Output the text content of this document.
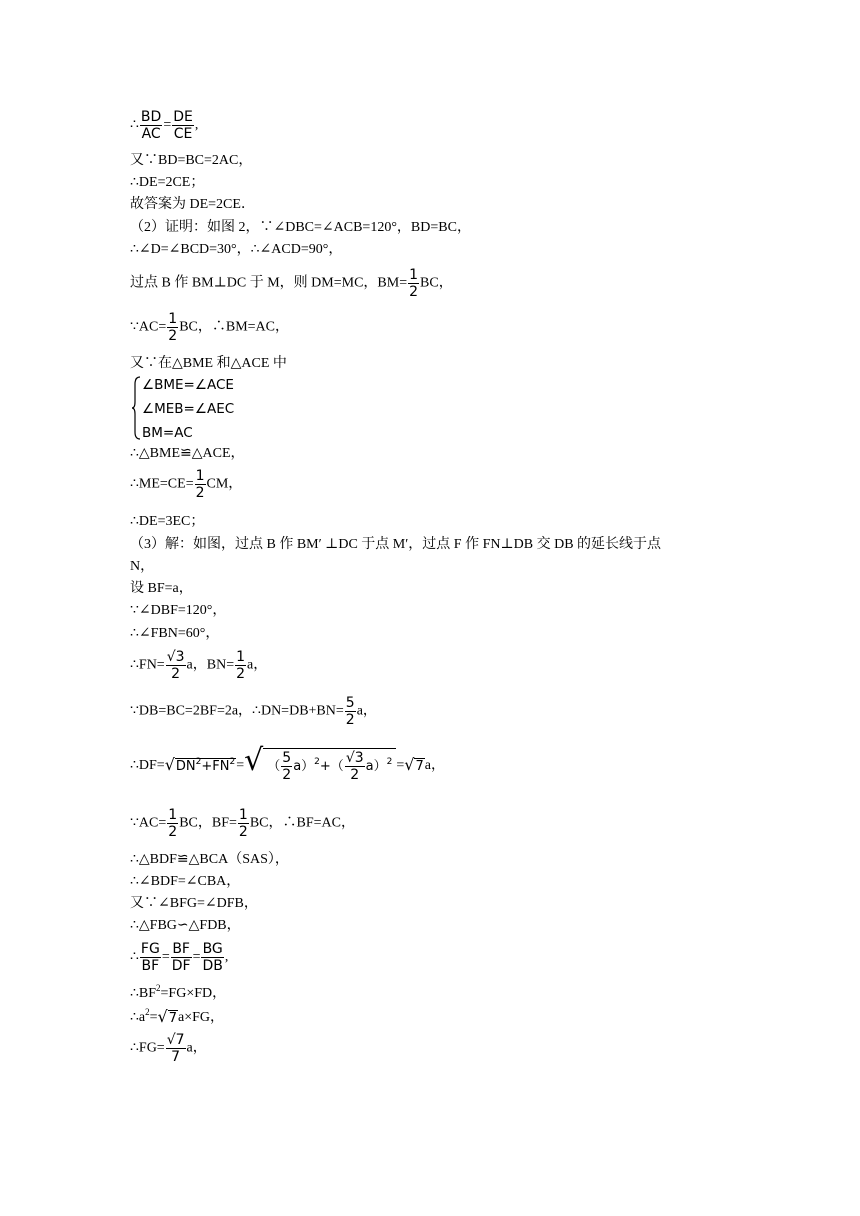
∴ $\frac{BD}{AC} = \frac{DE}{CE}$ ,
又∵BD=BC=2AC，
∴DE=2CE；
故答案为 DE=2CE．
（2）证明：如图 2，∵∠DBC=∠ACB=120°，BD=BC，
∴∠D=∠BCD=30°，∴∠ACD=90°，
过点 B 作 BM⊥DC 于 M，则 DM=MC，$BM= \frac{1}{2}$ BC，
∵AC= $\frac{1}{2}$ BC，∴BM=AC，
又∵在△BME 和△ACE 中
∠BME=∠ACE
∠MEB=∠AEC
BM=AC
∴△BME≌△ACE，
∴ME=CE= $\frac{1}{2}$ CM，
∴DE=3EC；
（3）解：如图，过点 B 作 BM′ ⊥DC 于点 M′，过点 F 作 FN⊥DB 交 DB 的延长线于点
N，
设 BF=a，
∵∠DBF=120°，
∴∠FBN=60°，
∴FN= $\frac{√3}{2}$ a，$BN= \frac{1}{2}$ a，
∵DB=BC=2BF=2a，∴DN=DB+BN= $\frac{5}{2}$ a，
$\therefore DF=√DN^2+FN^2=√$ （ $\frac{5}{2} a)^2+( \frac{√3}{2} a)^2 =√7a$，
∵AC= $\frac{1}{2}$ BC，$BF= \frac{1}{2}$ BC，∴BF=AC，
∴△BDF≌△BCA（SAS），
∴∠BDF=∠CBA，
又∵∠BFG=∠DFB，
∴△FBG∽△FDB，
∴ $\frac{FG}{BF} = \frac{BF}{DF} = \frac{BG}{DB}$ ,
$\therefore BF^2=FG\times FD$，
$\therefore a^2=√7a\times FG$，
∴FG= $\frac{√7}{7}$ a，
